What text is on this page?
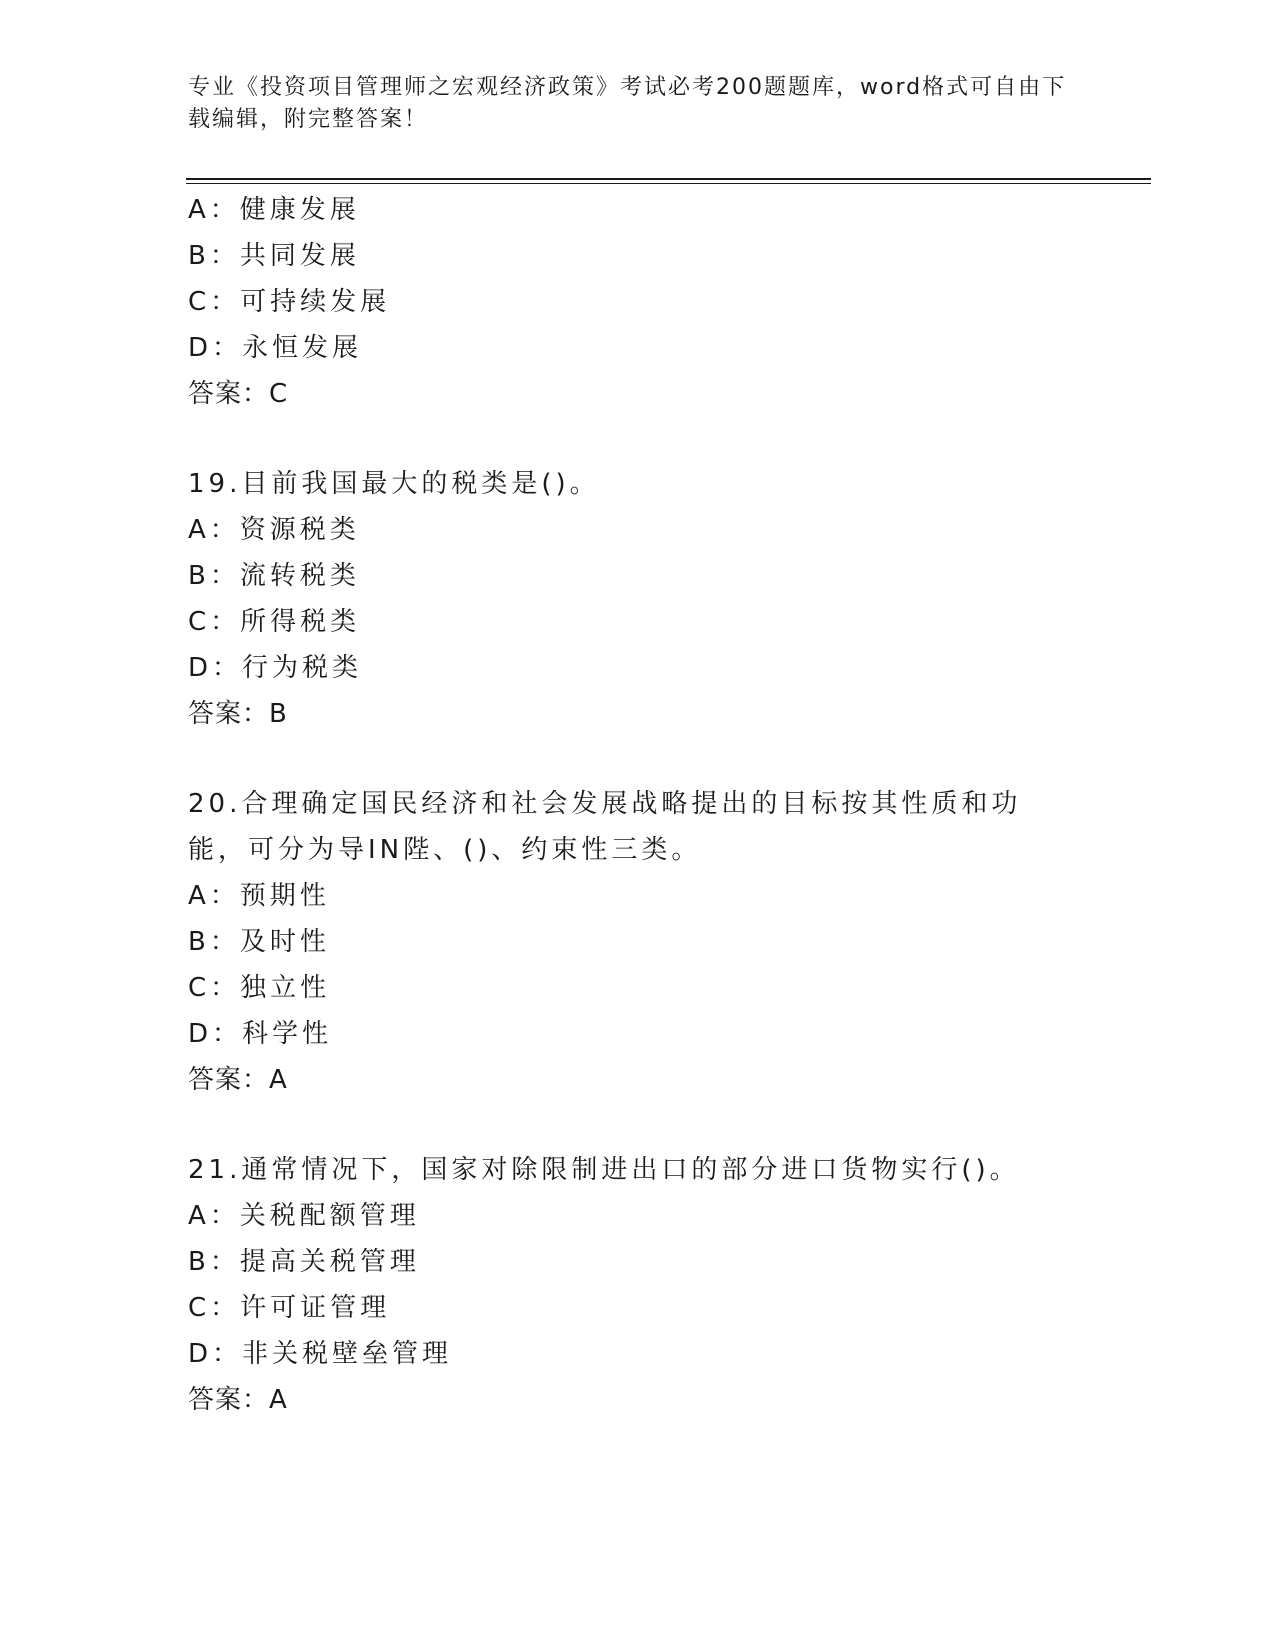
专业《投资项目管理师之宏观经济政策》考试必考200题题库，word格式可自由下载编辑，附完整答案！
A：健康发展
B：共同发展
C：可持续发展
D：永恒发展
答案：C
19.目前我国最大的税类是()。
A：资源税类
B：流转税类
C：所得税类
D：行为税类
答案：B
20.合理确定国民经济和社会发展战略提出的目标按其性质和功能，可分为导IN陛、()、约束性三类。
A：预期性
B：及时性
C：独立性
D：科学性
答案：A
21.通常情况下，国家对除限制进出口的部分进口货物实行()。
A：关税配额管理
B：提高关税管理
C：许可证管理
D：非关税壁垒管理
答案：A
